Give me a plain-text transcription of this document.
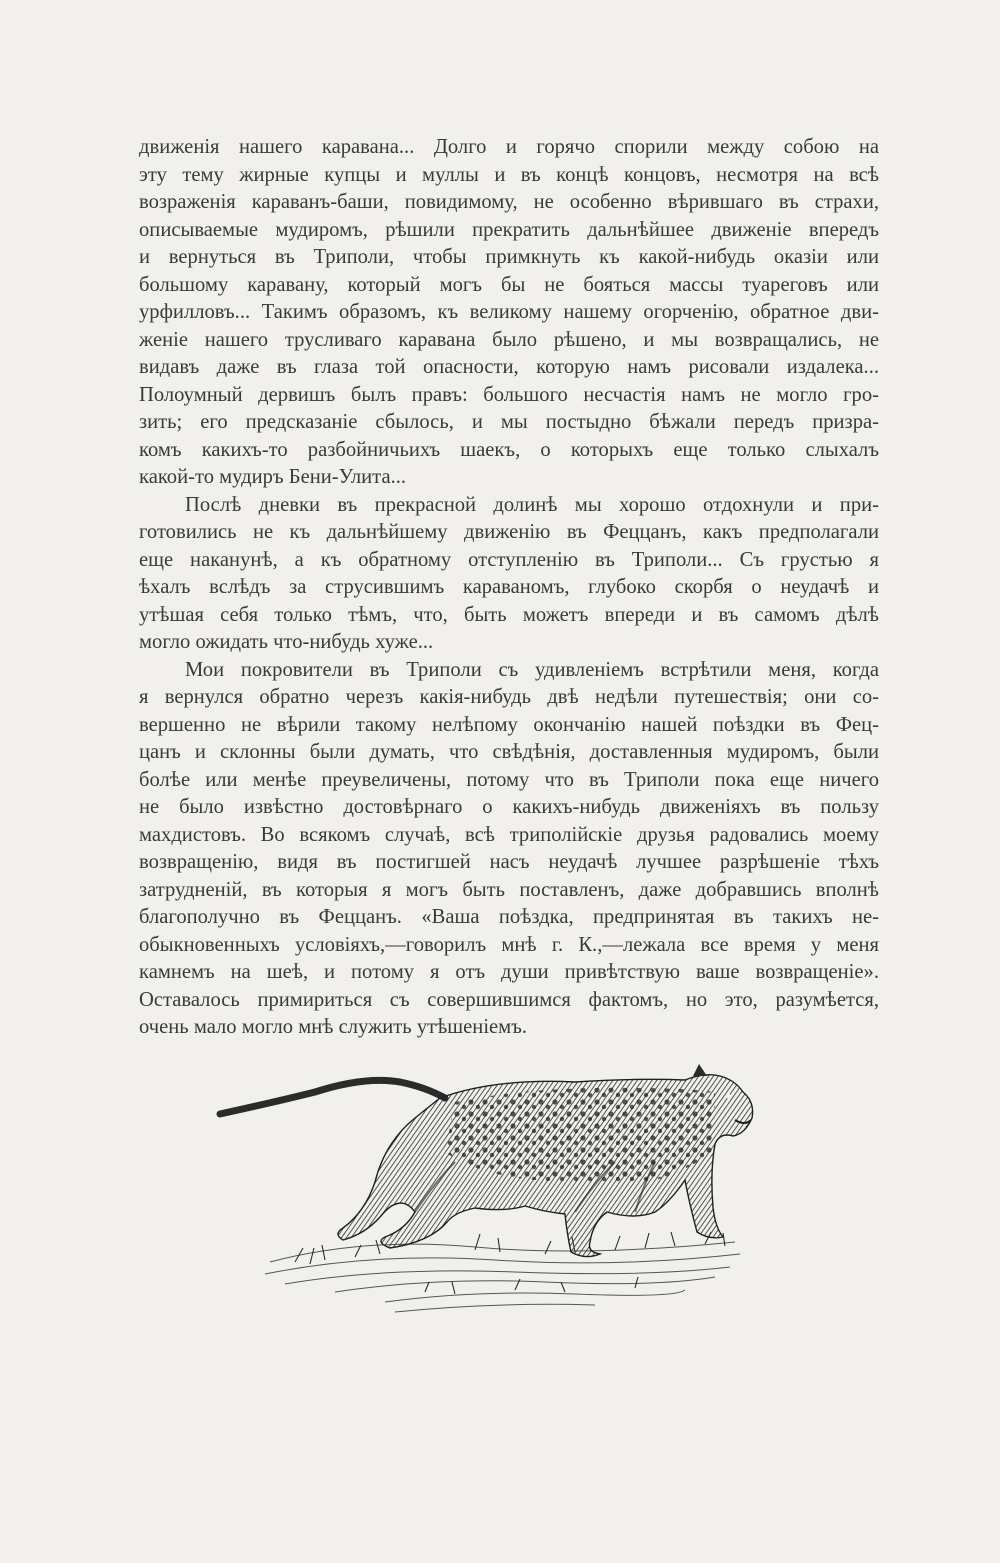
движенія нашего каравана... Долго и горячо спорили между собою на
эту тему жирные купцы и муллы и въ концѣ концовъ, несмотря на всѣ
возраженія караванъ-баши, повидимому, не особенно вѣрившаго въ страхи,
описываемые мудиромъ, рѣшили прекратить дальнѣйшее движеніе впередъ
и вернуться въ Триполи, чтобы примкнуть къ какой-нибудь оказіи или
большому каравану, который могъ бы не бояться массы туареговъ или
урфилловъ... Такимъ образомъ, къ великому нашему огорченію, обратное дви-
женіе нашего трусливаго каравана было рѣшено, и мы возвращались, не
видавъ даже въ глаза той опасности, которую намъ рисовали издалека...
Полоумный дервишъ былъ правъ: большого несчастія намъ не могло гро-
зить; его предсказаніе сбылось, и мы постыдно бѣжали передъ призра-
комъ какихъ-то разбойничьихъ шаекъ, о которыхъ еще только слыхалъ
какой-то мудиръ Бени-Улита...
Послѣ дневки въ прекрасной долинѣ мы хорошо отдохнули и при-
готовились не къ дальнѣйшему движенію въ Феццанъ, какъ предполагали
еще наканунѣ, а къ обратному отступленію въ Триполи... Съ грустью я
ѣхалъ вслѣдъ за струсившимъ караваномъ, глубоко скорбя о неудачѣ и
утѣшая себя только тѣмъ, что, быть можетъ впереди и въ самомъ дѣлѣ
могло ожидать что-нибудь хуже...
Мои покровители въ Триполи съ удивленіемъ встрѣтили меня, когда
я вернулся обратно черезъ какія-нибудь двѣ недѣли путешествія; они со-
вершенно не вѣрили такому нелѣпому окончанію нашей поѣздки въ Фец-
цанъ и склонны были думать, что свѣдѣнія, доставленныя мудиромъ, были
болѣе или менѣе преувеличены, потому что въ Триполи пока еще ничего
не было извѣстно достовѣрнаго о какихъ-нибудь движеніяхъ въ пользу
махдистовъ. Во всякомъ случаѣ, всѣ триполійскіе друзья радовались моему
возвращенію, видя въ постигшей насъ неудачѣ лучшее разрѣшеніе тѣхъ
затрудненій, въ которыя я могъ быть поставленъ, даже добравшись вполнѣ
благополучно въ Феццанъ. «Ваша поѣздка, предпринятая въ такихъ не-
обыкновенныхъ условіяхъ,—говорилъ мнѣ г. К.,—лежала все время у меня
камнемъ на шеѣ, и потому я отъ души привѣтствую ваше возвращеніе».
Оставалось примириться съ совершившимся фактомъ, но это, разумѣется,
очень мало могло мнѣ служить утѣшеніемъ.
